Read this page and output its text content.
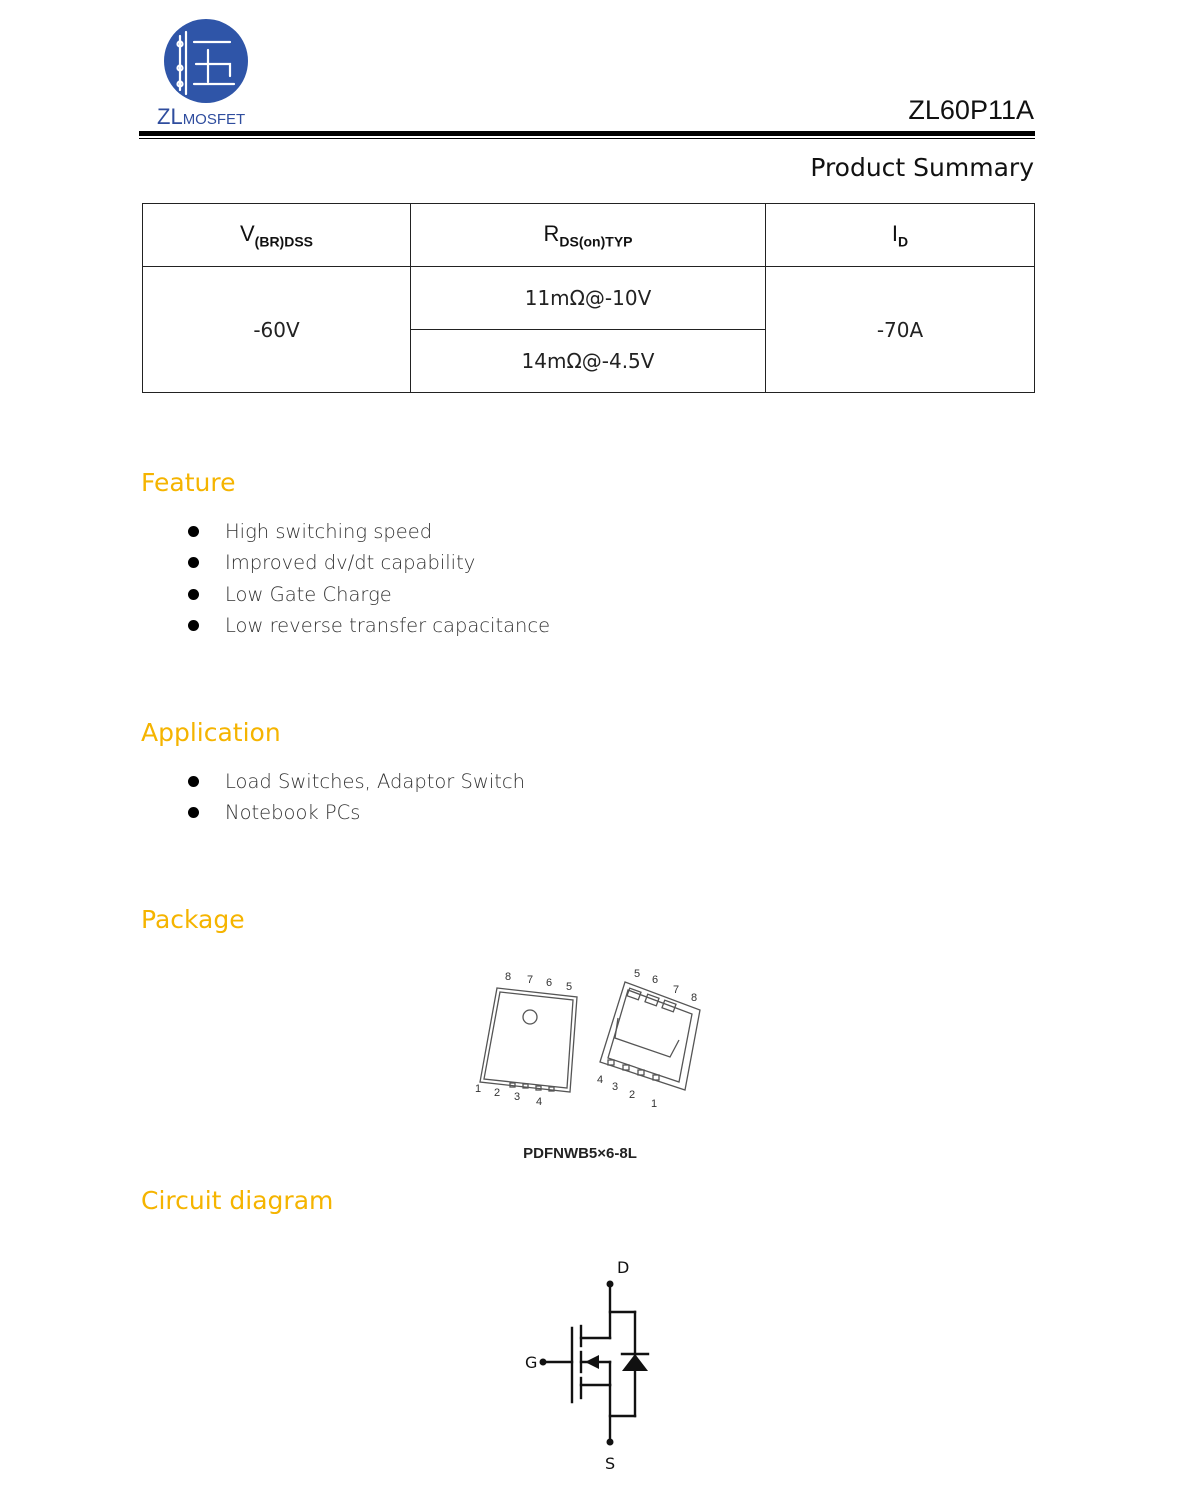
ZLMOSFET	ZL60P11A
Product Summary
$V_{(BR)DSS}$	$R_{DS(on)TYP}$	$I_D$
-60V	11mΩ@-10V	-70A
	14mΩ@-4.5V	
Feature
High switching speed
Improved dv/dt capability
Low Gate Charge
Low reverse transfer capacitance
Application
Load Switches, Adaptor Switch
Notebook PCs
Package
8 7 6 5
1 2 3 4
5 6
7
8
4
3
2
1
PDFNWB5×6-8L
Circuit diagram
D
G
S
